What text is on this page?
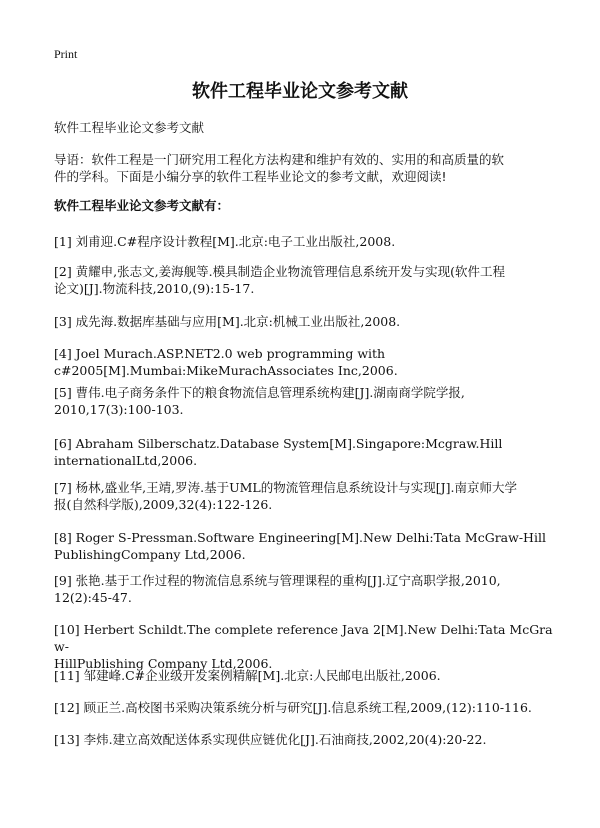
Print
软件工程毕业论文参考文献
软件工程毕业论文参考文献
导语：软件工程是一门研究用工程化方法构建和维护有效的、实用的和高质量的软
件的学科。下面是小编分享的软件工程毕业论文的参考文献，欢迎阅读!
软件工程毕业论文参考文献有：
[1] 刘甫迎.C#程序设计教程[M].北京:电子工业出版社,2008.
[2] 黄耀申,张志文,姜海舰等.模具制造企业物流管理信息系统开发与实现(软件工程
论文)[J].物流科技,2010,(9):15-17.
[3] 成先海.数据库基础与应用[M].北京:机械工业出版社,2008.
[4] Joel Murach.ASP.NET2.0 web programming with
c#2005[M].Mumbai:MikeMurachAssociates Inc,2006.
[5] 曹伟.电子商务条件下的粮食物流信息管理系统构建[J].湖南商学院学报,
2010,17(3):100-103.
[6] Abraham Silberschatz.Database System[M].Singapore:Mcgraw.Hill
internationalLtd,2006.
[7] 杨林,盛业华,王靖,罗涛.基于UML的物流管理信息系统设计与实现[J].南京师大学
报(自然科学版),2009,32(4):122-126.
[8] Roger S-Pressman.Software Engineering[M].New Delhi:Tata McGraw-Hill
PublishingCompany Ltd,2006.
[9] 张艳.基于工作过程的物流信息系统与管理课程的重构[J].辽宁高职学报,2010,
12(2):45-47.
[10] Herbert Schildt.The complete reference Java 2[M].New Delhi:Tata McGraw-
HillPublishing Company Ltd,2006.
[11] 邹建峰.C#企业级开发案例精解[M].北京:人民邮电出版社,2006.
[12] 顾正兰.高校图书采购决策系统分析与研究[J].信息系统工程,2009,(12):110-116.
[13] 李炜.建立高效配送体系实现供应链优化[J].石油商技,2002,20(4):20-22.
